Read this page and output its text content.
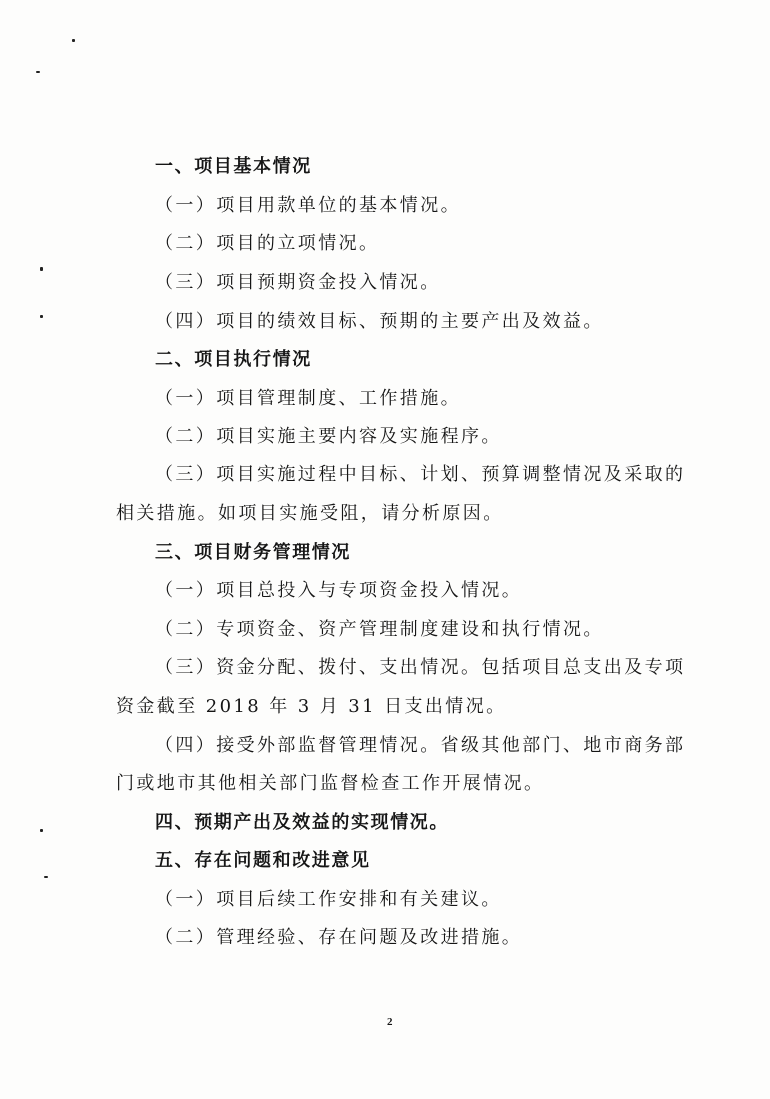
一、项目基本情况
（一）项目用款单位的基本情况。
（二）项目的立项情况。
（三）项目预期资金投入情况。
（四）项目的绩效目标、预期的主要产出及效益。
二、项目执行情况
（一）项目管理制度、工作措施。
（二）项目实施主要内容及实施程序。
（三）项目实施过程中目标、计划、预算调整情况及采取的
相关措施。如项目实施受阻，请分析原因。
三、项目财务管理情况
（一）项目总投入与专项资金投入情况。
（二）专项资金、资产管理制度建设和执行情况。
（三）资金分配、拨付、支出情况。包括项目总支出及专项
资金截至 2018 年 3 月 31 日支出情况。
（四）接受外部监督管理情况。省级其他部门、地市商务部
门或地市其他相关部门监督检查工作开展情况。
四、预期产出及效益的实现情况。
五、存在问题和改进意见
（一）项目后续工作安排和有关建议。
（二）管理经验、存在问题及改进措施。
2
